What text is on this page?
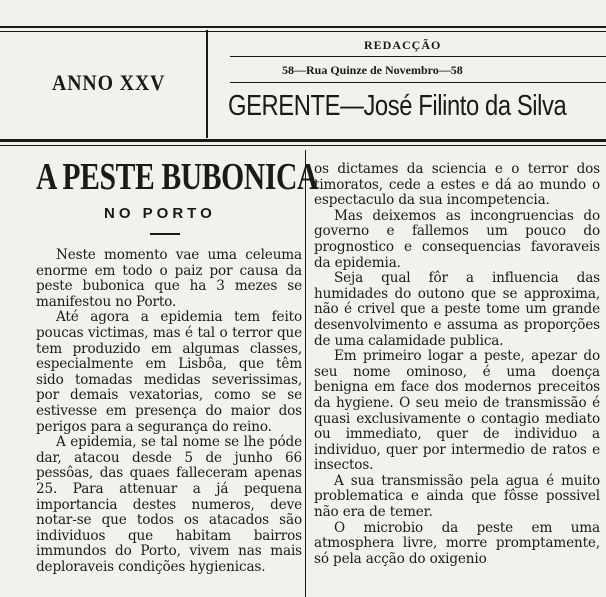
ANNO XXV
REDACÇÃO
58—Rua Quinze de Novembro—58
GERENTE—José Filinto da Silva
A PESTE BUBONICA
NO PORTO

Neste momento vae uma celeuma enorme em todo o paiz por causa da peste bubonica que ha 3 mezes se manifestou no Porto.

Até agora a epidemia tem feito poucas victimas, mas é tal o terror que tem produzido em algumas classes, especialmente em Lisbôa, que têm sido tomadas medidas severissimas, por demais vexatorias, como se se estivesse em presença do maior dos perigos para a segurança do reino.

A epidemia, se tal nome se lhe póde dar, atacou desde 5 de junho 66 pessôas, das quaes falleceram apenas 25. Para attenuar a já pequena importancia destes numeros, deve notar-se que todos os atacados são individuos que habitam bairros immundos do Porto, vivem nas mais deploraveis condições hygienicas.

os dictames da sciencia e o terror dos timoratos, cede a estes e dá ao mundo o espectaculo da sua incompetencia.

Mas deixemos as incongruencias do governo e fallemos um pouco do prognostico e consequencias favoraveis da epidemia.

Seja qual fôr a influencia das humidades do outono que se approxima, não é crivel que a peste tome um grande desenvolvimento e assuma as proporções de uma calamidade publica.

Em primeiro logar a peste, apezar do seu nome ominoso, é uma doença benigna em face dos modernos preceitos da hygiene. O seu meio de transmissão é quasi exclusivamente o contagio mediato ou immediato, quer de individuo a individuo, quer por intermedio de ratos e insectos.

A sua transmissão pela agua é muito problematica e ainda que fôsse possivel não era de temer.

O microbio da peste em uma atmosphera livre, morre promptamente, só pela acção do oxigenio
